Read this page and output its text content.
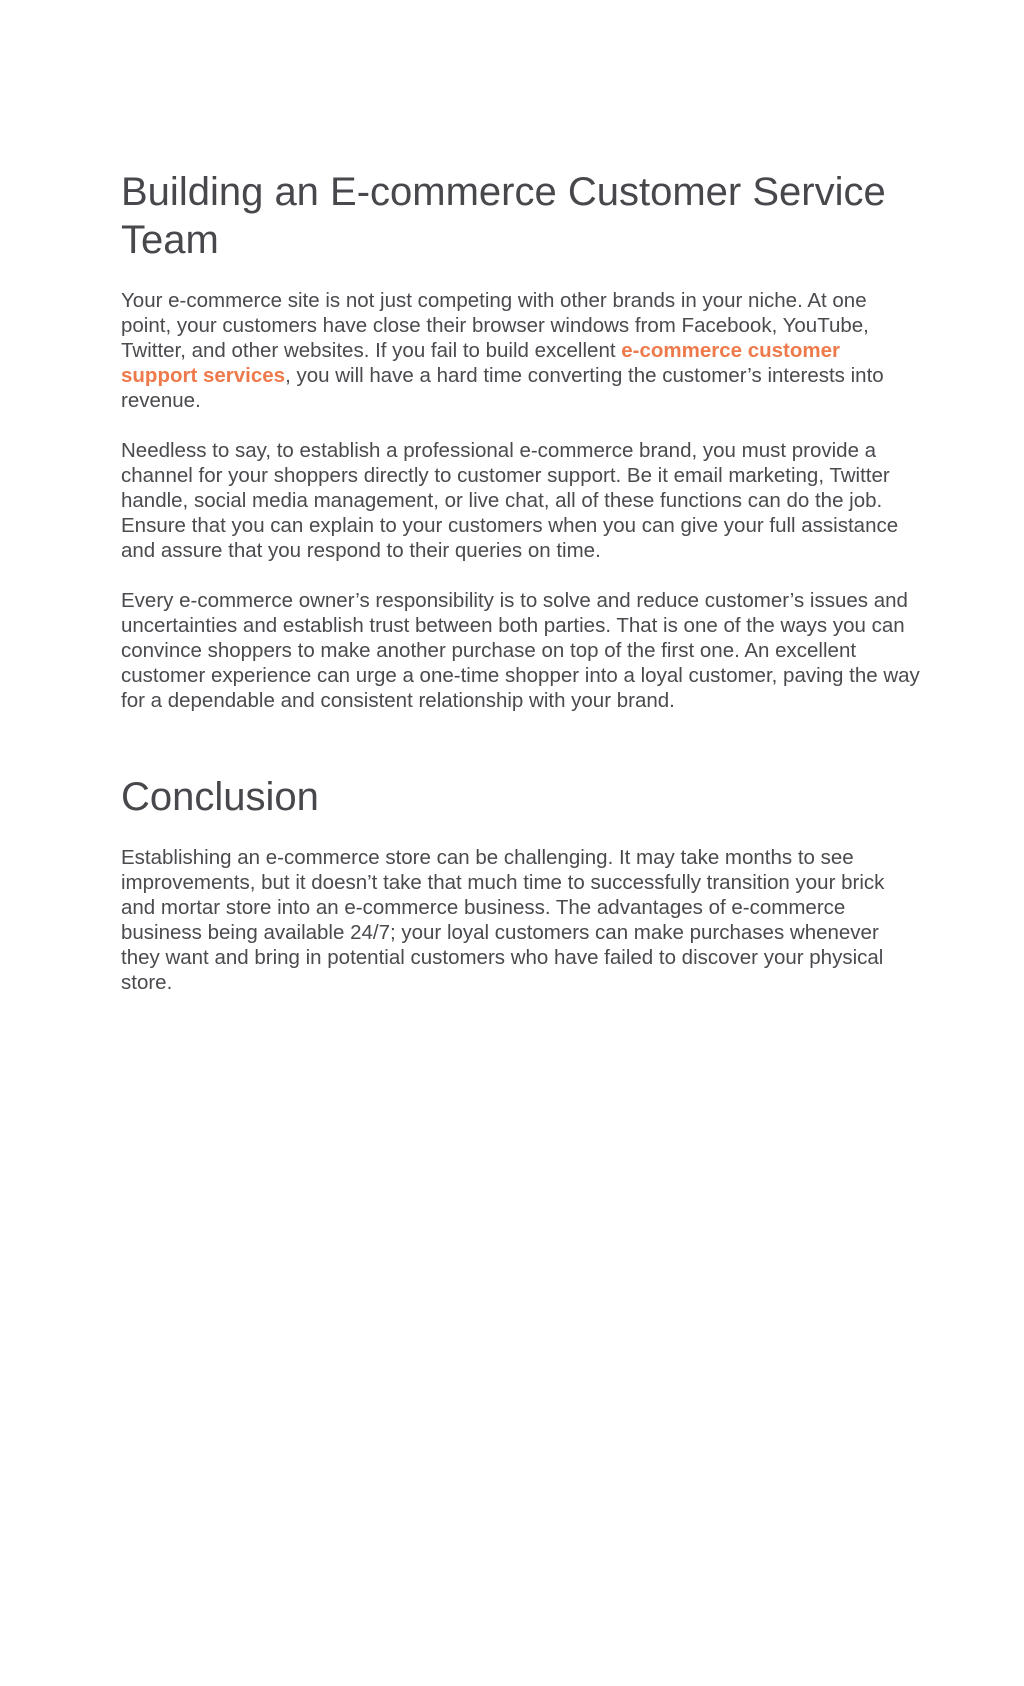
Building an E-commerce Customer Service Team

Your e-commerce site is not just competing with other brands in your niche. At one point, your customers have close their browser windows from Facebook, YouTube, Twitter, and other websites. If you fail to build excellent e-commerce customer support services, you will have a hard time converting the customer’s interests into revenue.

Needless to say, to establish a professional e-commerce brand, you must provide a channel for your shoppers directly to customer support. Be it email marketing, Twitter handle, social media management, or live chat, all of these functions can do the job. Ensure that you can explain to your customers when you can give your full assistance and assure that you respond to their queries on time.

Every e-commerce owner’s responsibility is to solve and reduce customer’s issues and uncertainties and establish trust between both parties. That is one of the ways you can convince shoppers to make another purchase on top of the first one. An excellent customer experience can urge a one-time shopper into a loyal customer, paving the way for a dependable and consistent relationship with your brand.

Conclusion

Establishing an e-commerce store can be challenging. It may take months to see improvements, but it doesn’t take that much time to successfully transition your brick and mortar store into an e-commerce business. The advantages of e-commerce business being available 24/7; your loyal customers can make purchases whenever they want and bring in potential customers who have failed to discover your physical store.
